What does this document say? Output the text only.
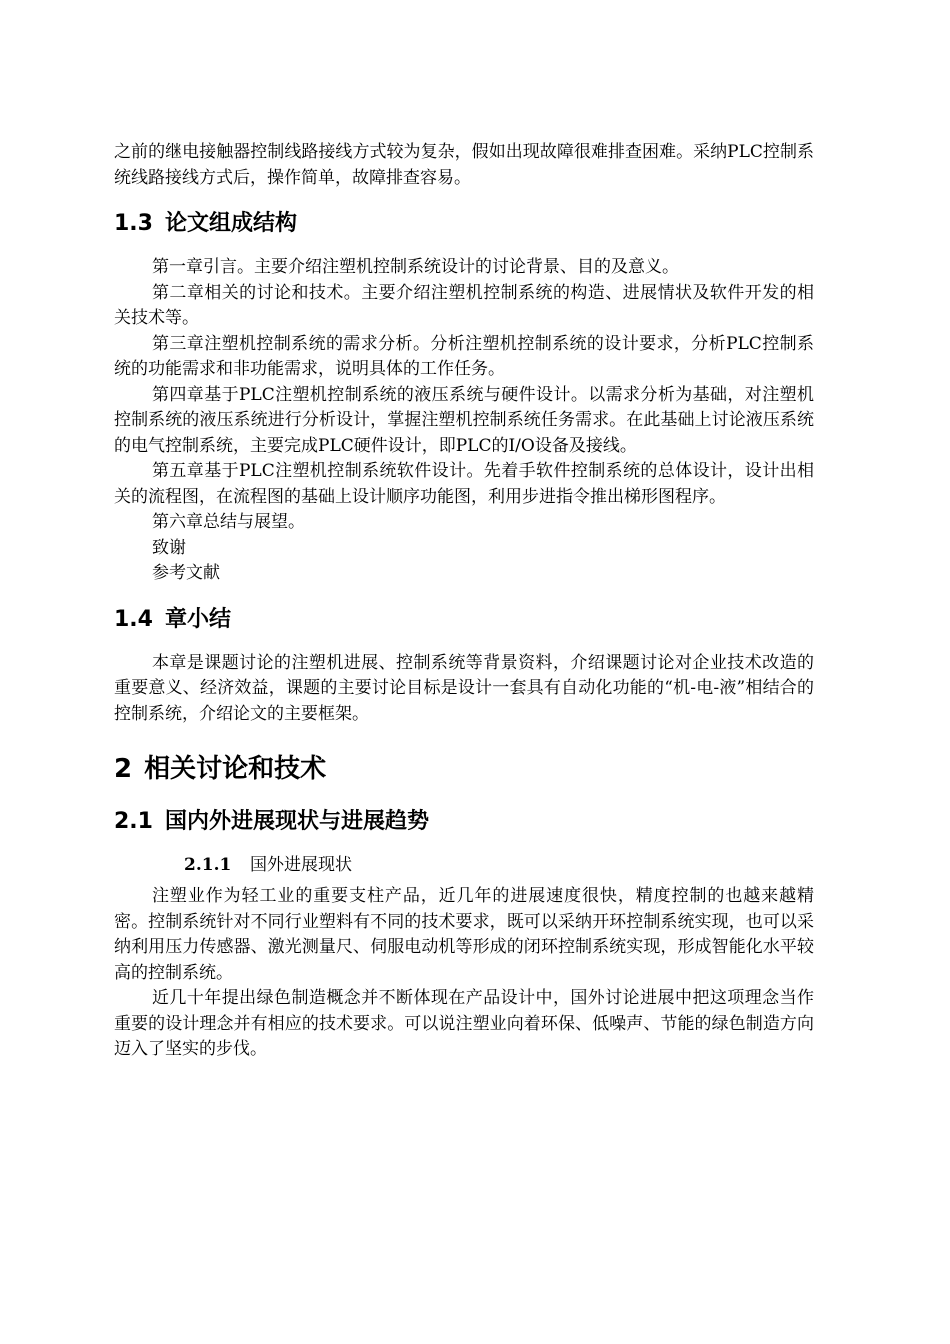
之前的继电接触器控制线路接线方式较为复杂，假如出现故障很难排查困难。采纳PLC控制系统线路接线方式后，操作简单，故障排查容易。

1.3 论文组成结构

第一章引言。主要介绍注塑机控制系统设计的讨论背景、目的及意义。

第二章相关的讨论和技术。主要介绍注塑机控制系统的构造、进展情状及软件开发的相关技术等。

第三章注塑机控制系统的需求分析。分析注塑机控制系统的设计要求，分析PLC控制系统的功能需求和非功能需求，说明具体的工作任务。

第四章基于PLC注塑机控制系统的液压系统与硬件设计。以需求分析为基础，对注塑机控制系统的液压系统进行分析设计，掌握注塑机控制系统任务需求。在此基础上讨论液压系统的电气控制系统，主要完成PLC硬件设计，即PLC的I/O设备及接线。

第五章基于PLC注塑机控制系统软件设计。先着手软件控制系统的总体设计，设计出相关的流程图，在流程图的基础上设计顺序功能图，利用步进指令推出梯形图程序。

第六章总结与展望。

致谢

参考文献

1.4 章小结

本章是课题讨论的注塑机进展、控制系统等背景资料，介绍课题讨论对企业技术改造的重要意义、经济效益，课题的主要讨论目标是设计一套具有自动化功能的“机-电-液”相结合的控制系统，介绍论文的主要框架。

2 相关讨论和技术
2.1 国内外进展现状与进展趋势
2.1.1 国外进展现状

注塑业作为轻工业的重要支柱产品，近几年的进展速度很快，精度控制的也越来越精密。控制系统针对不同行业塑料有不同的技术要求，既可以采纳开环控制系统实现，也可以采纳利用压力传感器、激光测量尺、伺服电动机等形成的闭环控制系统实现，形成智能化水平较高的控制系统。

近几十年提出绿色制造概念并不断体现在产品设计中，国外讨论进展中把这项理念当作重要的设计理念并有相应的技术要求。可以说注塑业向着环保、低噪声、节能的绿色制造方向迈入了坚实的步伐。
